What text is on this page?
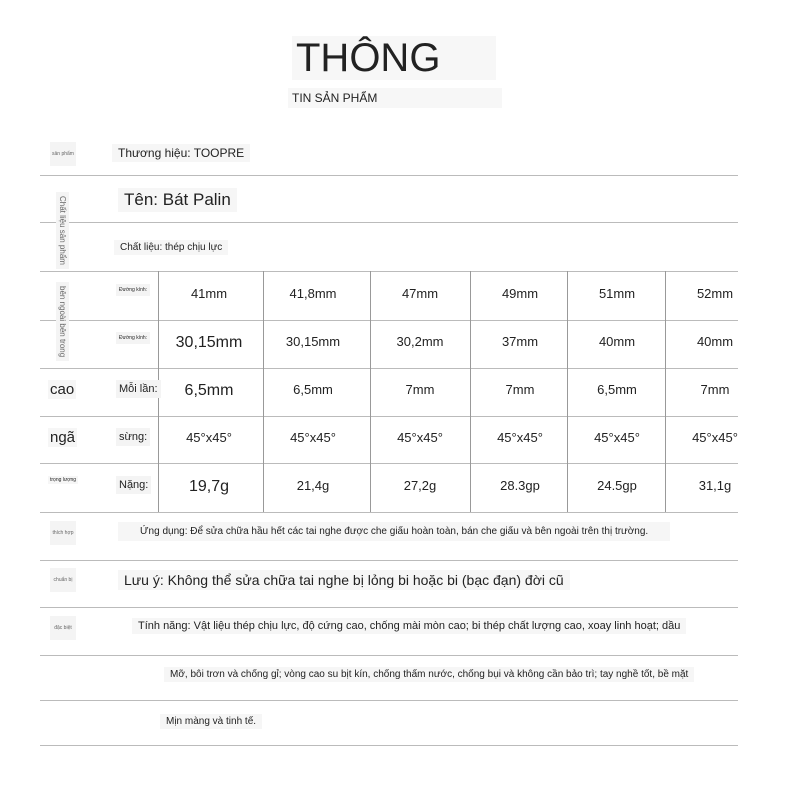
THÔNG
TIN SẢN PHẨM
sản phẩm	Thương hiệu: TOOPRE
Chất liệu sản phẩm	Tên: Bát Palin
Chất liệu: thép chịu lực
bên ngoài bên trong	Đường kính:	41mm	41,8mm	47mm	49mm	51mm	52mm
Đường kính:	30,15mm	30,15mm	30,2mm	37mm	40mm	40mm
cao	Mỗi lần:	6,5mm	6,5mm	7mm	7mm	6,5mm	7mm
ngã	sừng:	45°x45°	45°x45°	45°x45°	45°x45°	45°x45°	45°x45°
trọng lượng	Nặng:	19,7g	21,4g	27,2g	28.3gp	24.5gp	31,1g
thích hợp	Ứng dụng: Để sửa chữa hầu hết các tai nghe được che giấu hoàn toàn, bán che giấu và bên ngoài trên thị trường.
chuẩn bị	Lưu ý: Không thể sửa chữa tai nghe bị lỏng bi hoặc bi (bạc đạn) đời cũ
đặc biệt	Tính năng: Vật liệu thép chịu lực, độ cứng cao, chống mài mòn cao; bi thép chất lượng cao, xoay linh hoạt; dầu
Mỡ, bôi trơn và chống gỉ; vòng cao su bịt kín, chống thấm nước, chống bụi và không cần bảo trì; tay nghề tốt, bề mặt
Mịn màng và tinh tế.
